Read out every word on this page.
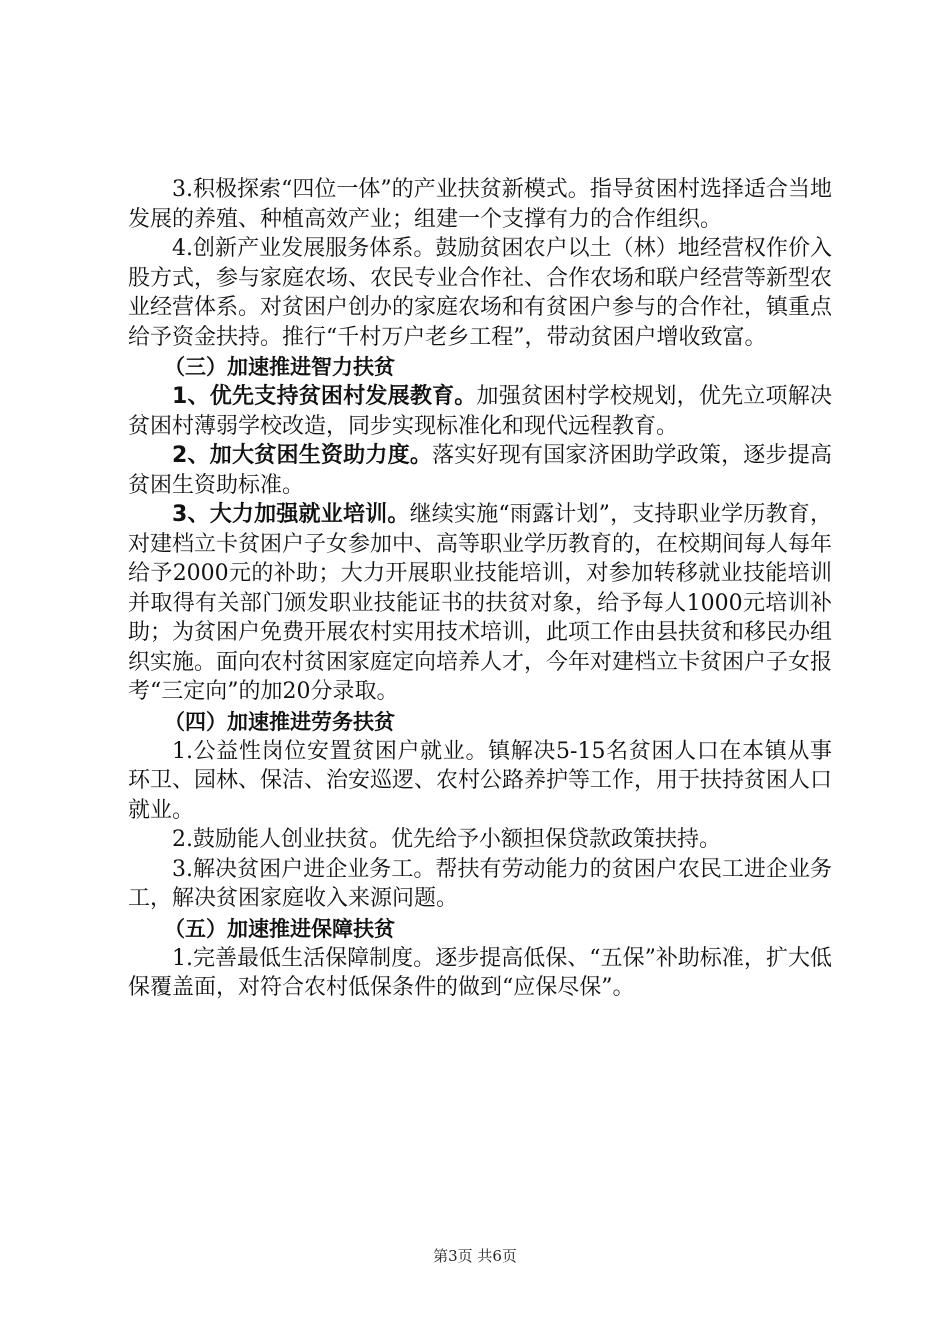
3.积极探索“四位一体”的产业扶贫新模式。指导贫困村选择适合当地发展的养殖、种植高效产业；组建一个支撑有力的合作组织。

4.创新产业发展服务体系。鼓励贫困农户以土（林）地经营权作价入股方式，参与家庭农场、农民专业合作社、合作农场和联户经营等新型农业经营体系。对贫困户创办的家庭农场和有贫困户参与的合作社，镇重点给予资金扶持。推行“千村万户老乡工程”，带动贫困户增收致富。

（三）加速推进智力扶贫

1、优先支持贫困村发展教育。加强贫困村学校规划，优先立项解决贫困村薄弱学校改造，同步实现标准化和现代远程教育。

2、加大贫困生资助力度。落实好现有国家济困助学政策，逐步提高贫困生资助标准。

3、大力加强就业培训。继续实施“雨露计划”，支持职业学历教育，对建档立卡贫困户子女参加中、高等职业学历教育的，在校期间每人每年给予2000元的补助；大力开展职业技能培训，对参加转移就业技能培训并取得有关部门颁发职业技能证书的扶贫对象，给予每人1000元培训补助；为贫困户免费开展农村实用技术培训，此项工作由县扶贫和移民办组织实施。面向农村贫困家庭定向培养人才，今年对建档立卡贫困户子女报考“三定向”的加20分录取。

（四）加速推进劳务扶贫

1.公益性岗位安置贫困户就业。镇解决5-15名贫困人口在本镇从事环卫、园林、保洁、治安巡逻、农村公路养护等工作，用于扶持贫困人口就业。

2.鼓励能人创业扶贫。优先给予小额担保贷款政策扶持。

3.解决贫困户进企业务工。帮扶有劳动能力的贫困户农民工进企业务工，解决贫困家庭收入来源问题。

（五）加速推进保障扶贫

1.完善最低生活保障制度。逐步提高低保、“五保”补助标准，扩大低保覆盖面，对符合农村低保条件的做到“应保尽保”。

第3页 共6页
